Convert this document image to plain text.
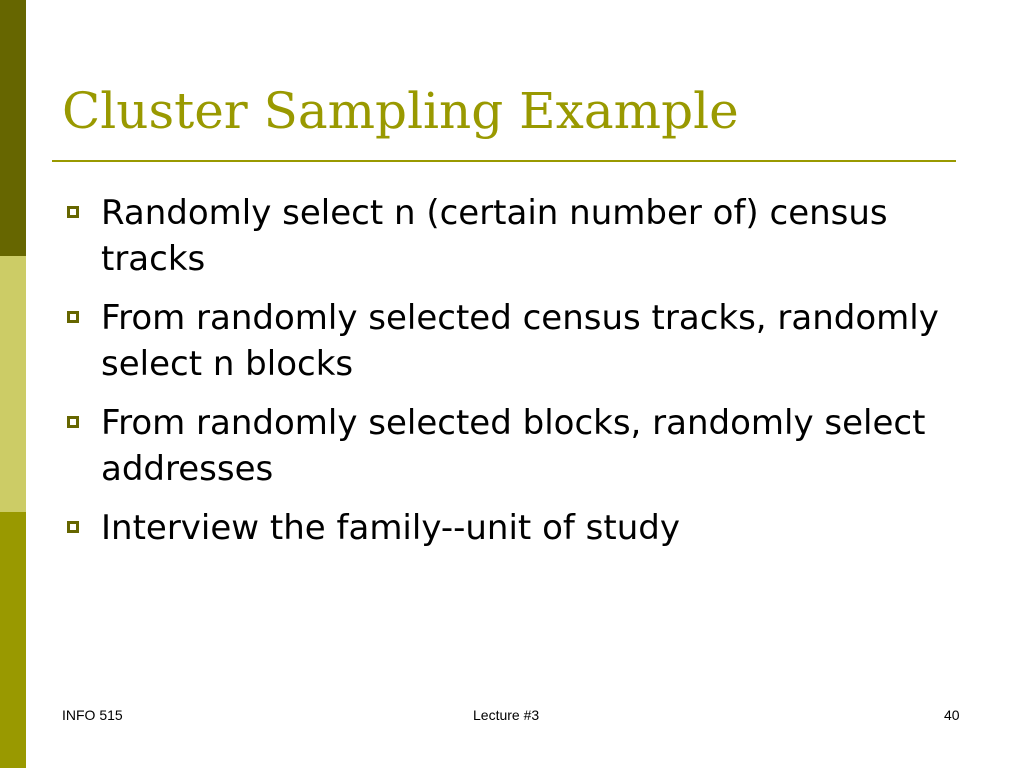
Cluster Sampling Example
Randomly select n (certain number of) census tracks
From randomly selected census tracks, randomly select n blocks
From randomly selected blocks, randomly select addresses
Interview the family--unit of study
INFO 515	Lecture #3	40
